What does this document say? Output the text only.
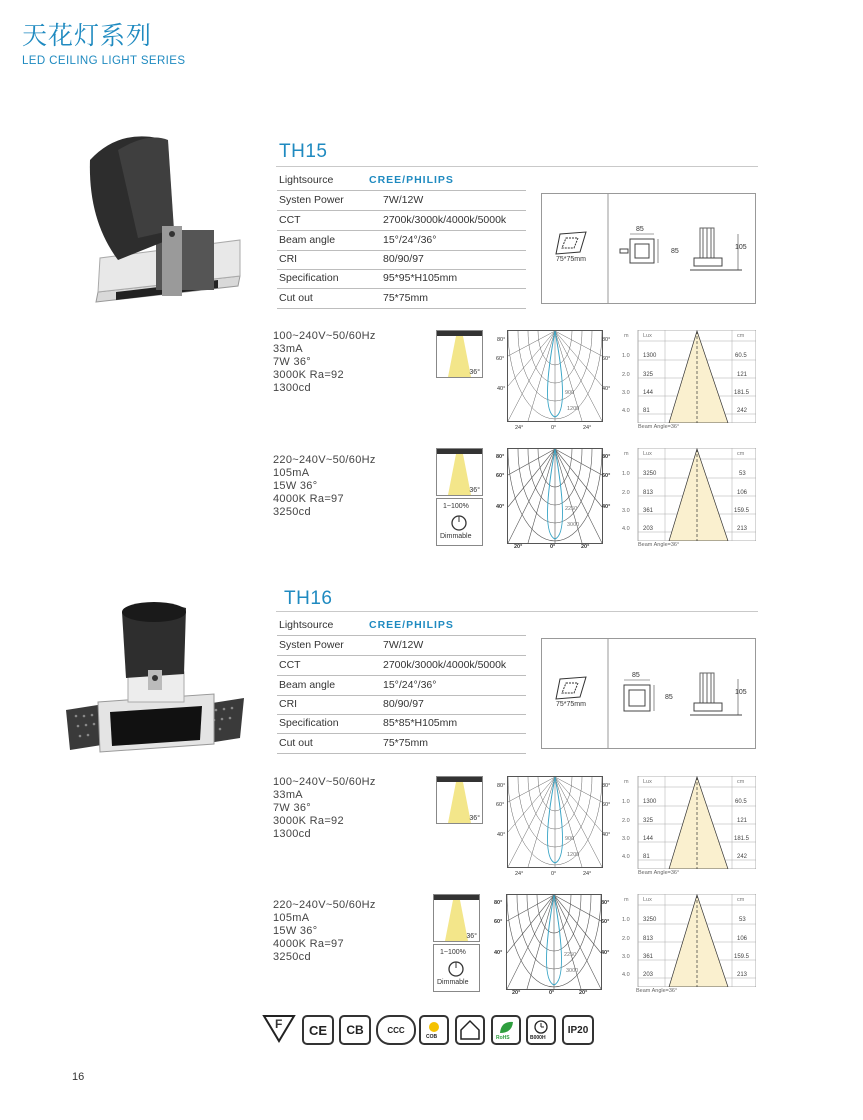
天花灯系列
LED CEILING LIGHT SERIES
TH15
Lightsource	CREE/PHILIPS
Systen Power	7W/12W
CCT	2700k/3000k/4000k/5000k
Beam angle	15°/24°/36°
CRI	80/90/97
Specification	95*95*H105mm
Cut out	75*75mm
75*75mm
85
85
105
100~240V~50/60Hz
33mA
7W 36°
3000K Ra=92
1300cd
36°
80°
60°
40°
80°
60°
40°
24°	0°	24°
900
1200
m	Lux	cm
1.0 1300	60.5
2.0 325	121
3.0 144	181.5
4.0 81	242
Beam Angle=36°
220~240V~50/60Hz
105mA
15W 36°
4000K Ra=97
3250cd
36°
1~100%
Dimmable
80°
60°
40°
80°
60°
40°
20°	0°	20°
2250
3000
m	Lux	cm
1.0 3250	53
2.0 813	106
3.0 361	159.5
4.0 203	213
Beam Angle=36°
TH16
Lightsource	CREE/PHILIPS
Systen Power	7W/12W
CCT	2700k/3000k/4000k/5000k
Beam angle	15°/24°/36°
CRI	80/90/97
Specification	85*85*H105mm
Cut out	75*75mm
75*75mm
85
85
105
100~240V~50/60Hz
33mA
7W 36°
3000K Ra=92
1300cd
36°
80°
60°
40°
80°
60°
40°
24°	0°	24°
900
1200
m	Lux	cm
1.0 1300	60.5
2.0 325	121
3.0 144	181.5
4.0 81	242
Beam Angle=36°
220~240V~50/60Hz
105mA
15W 36°
4000K Ra=97
3250cd
36°
1~100%
Dimmable
80°
60°
40°
80°
60°
40°
20°	0°	20°
2250
3000
m	Lux	cm
1.0 3250	53
2.0 813	106
3.0 361	159.5
4.0 203	213
Beam Angle=36°
F	CE	CB	CCC
COB	RoHS	B000H
IP20
16
